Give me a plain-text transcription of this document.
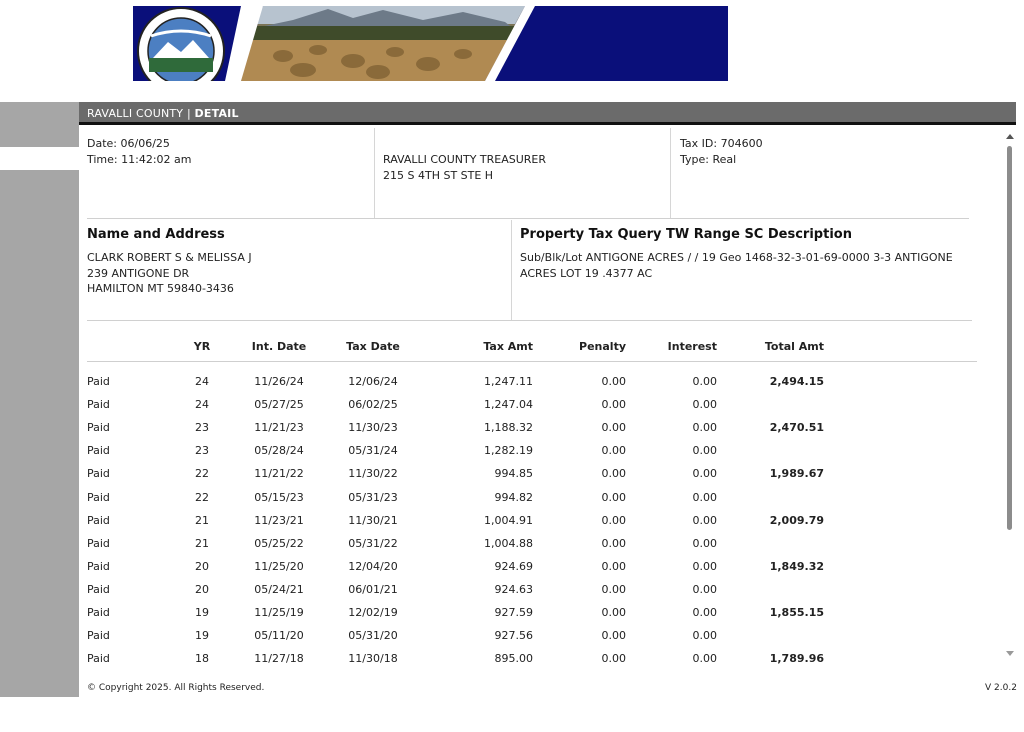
RAVALLI COUNTY | DETAIL
Date: 06/06/25
Time: 11:42:02 am	RAVALLI COUNTY TREASURER
215 S 4TH ST STE H
Tax ID: 704600
Type: Real
Name and Address
CLARK ROBERT S & MELISSA J
239 ANTIGONE DR
HAMILTON MT 59840-3436
Property Tax Query TW Range SC Description
Sub/Blk/Lot ANTIGONE ACRES / / 19 Geo 1468-32-3-01-69-0000 3-3 ANTIGONE
ACRES LOT 19 .4377 AC
	YR	Int. Date	Tax Date	Tax Amt	Penalty	Interest	Total Amt	
Paid	24	11/26/24	12/06/24	1,247.11	0.00	0.00	2,494.15	
Paid	24	05/27/25	06/02/25	1,247.04	0.00	0.00		
Paid	23	11/21/23	11/30/23	1,188.32	0.00	0.00	2,470.51	
Paid	23	05/28/24	05/31/24	1,282.19	0.00	0.00		
Paid	22	11/21/22	11/30/22	994.85	0.00	0.00	1,989.67	
Paid	22	05/15/23	05/31/23	994.82	0.00	0.00		
Paid	21	11/23/21	11/30/21	1,004.91	0.00	0.00	2,009.79	
Paid	21	05/25/22	05/31/22	1,004.88	0.00	0.00		
Paid	20	11/25/20	12/04/20	924.69	0.00	0.00	1,849.32	
Paid	20	05/24/21	06/01/21	924.63	0.00	0.00		
Paid	19	11/25/19	12/02/19	927.59	0.00	0.00	1,855.15	
Paid	19	05/11/20	05/31/20	927.56	0.00	0.00		
Paid	18	11/27/18	11/30/18	895.00	0.00	0.00	1,789.96	
© Copyright 2025. All Rights Reserved.	V 2.0.2
